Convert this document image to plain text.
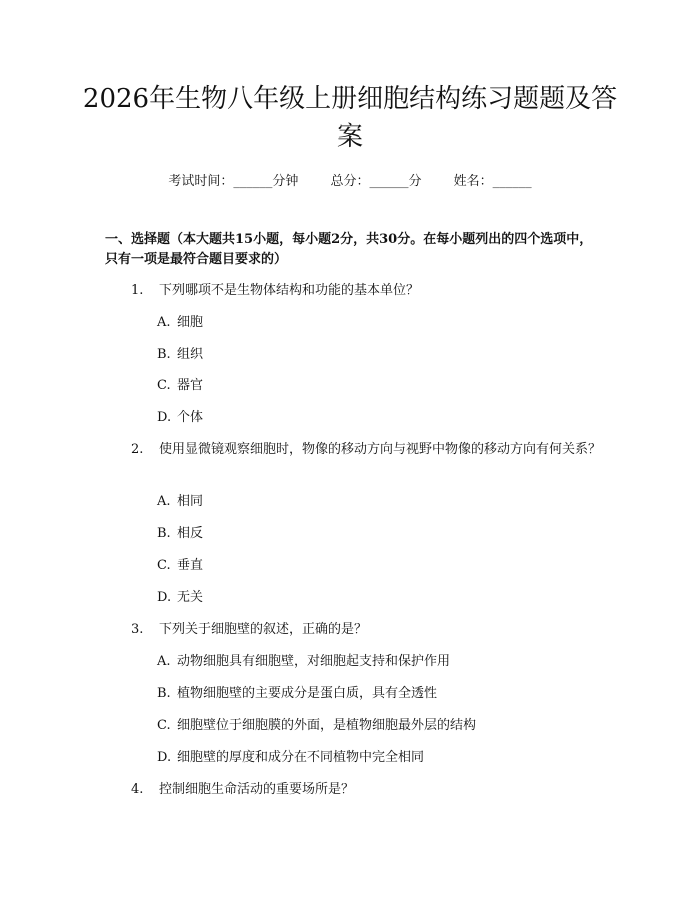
2026年生物八年级上册细胞结构练习题题及答案
考试时间：______分钟 总分：______分 姓名：______

一、选择题（本大题共15小题，每小题2分，共30分。在每小题列出的四个选项中，只有一项是最符合题目要求的）

1. 下列哪项不是生物体结构和功能的基本单位？

A. 细胞

B. 组织

C. 器官

D. 个体

2. 使用显微镜观察细胞时，物像的移动方向与视野中物像的移动方向有何关系？

A. 相同

B. 相反

C. 垂直

D. 无关

3. 下列关于细胞壁的叙述，正确的是？

A. 动物细胞具有细胞壁，对细胞起支持和保护作用

B. 植物细胞壁的主要成分是蛋白质，具有全透性

C. 细胞壁位于细胞膜的外面，是植物细胞最外层的结构

D. 细胞壁的厚度和成分在不同植物中完全相同

4. 控制细胞生命活动的重要场所是？
